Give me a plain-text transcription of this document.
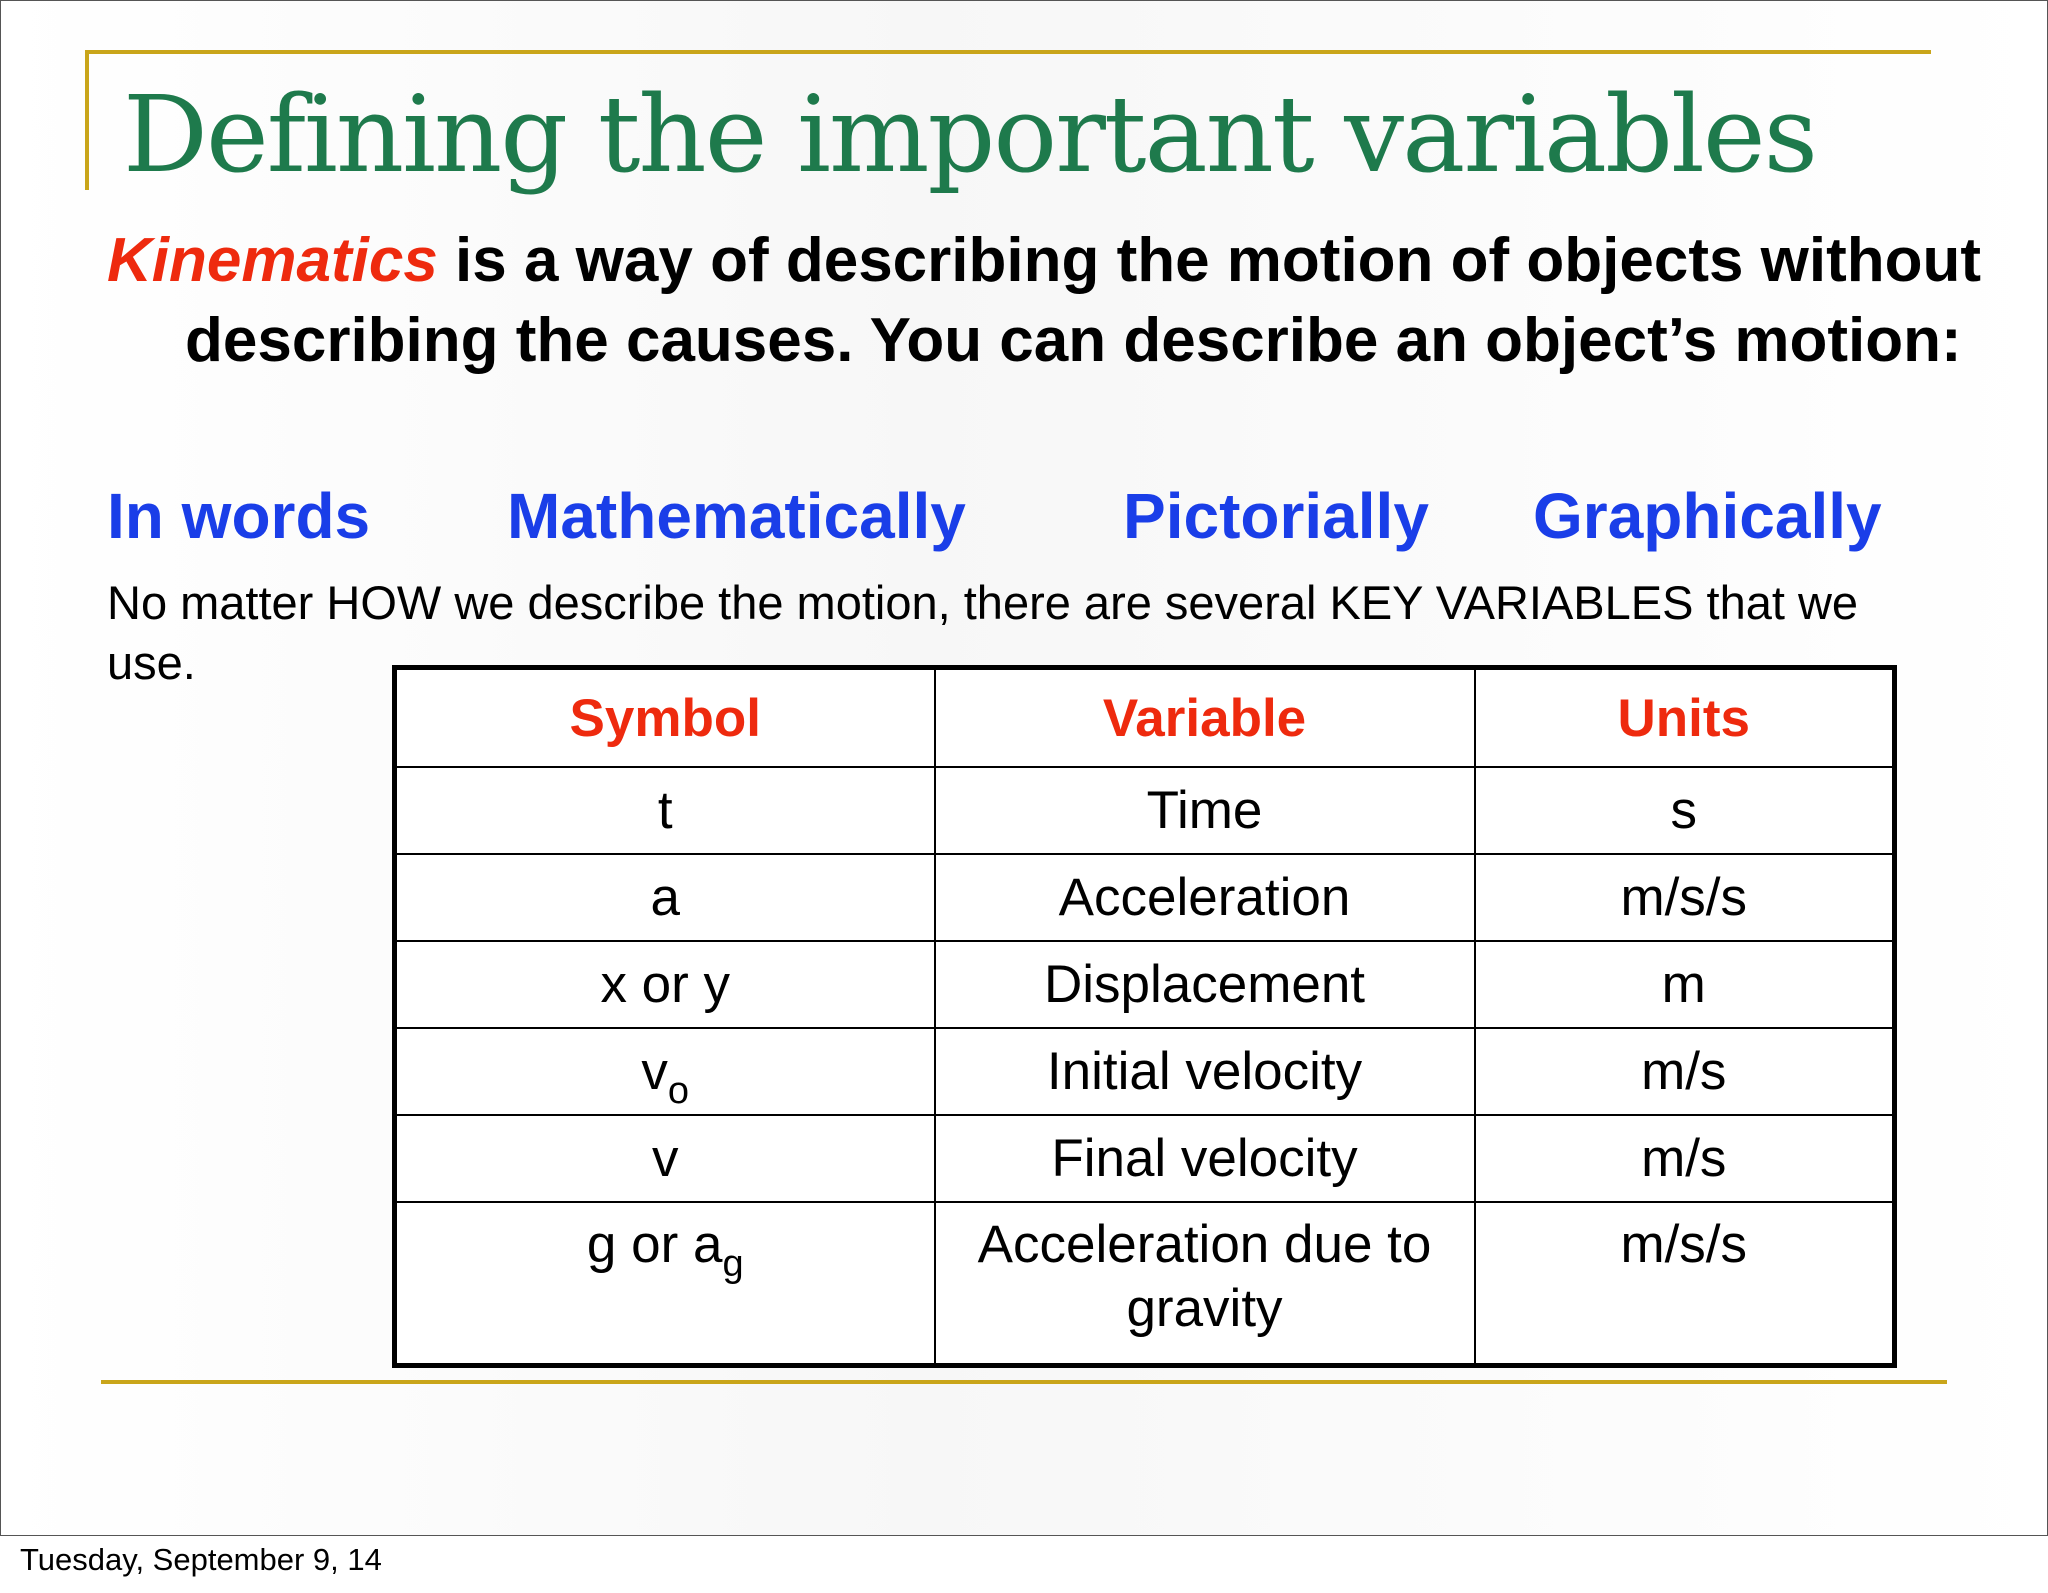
Defining the important variables

Kinematics is a way of describing the motion of objects without describing the causes. You can describe an object’s motion:

In words Mathematically Pictorially Graphically

No matter HOW we describe the motion, there are several KEY VARIABLES that we use.

Symbol	Variable	Units
t	Time	s
a	Acceleration	m/s/s
x or y	Displacement	m
$v_o$	Initial velocity	m/s
v	Final velocity	m/s
g or $a_g$	Acceleration due to gravity	m/s/s
Tuesday, September 9, 14
